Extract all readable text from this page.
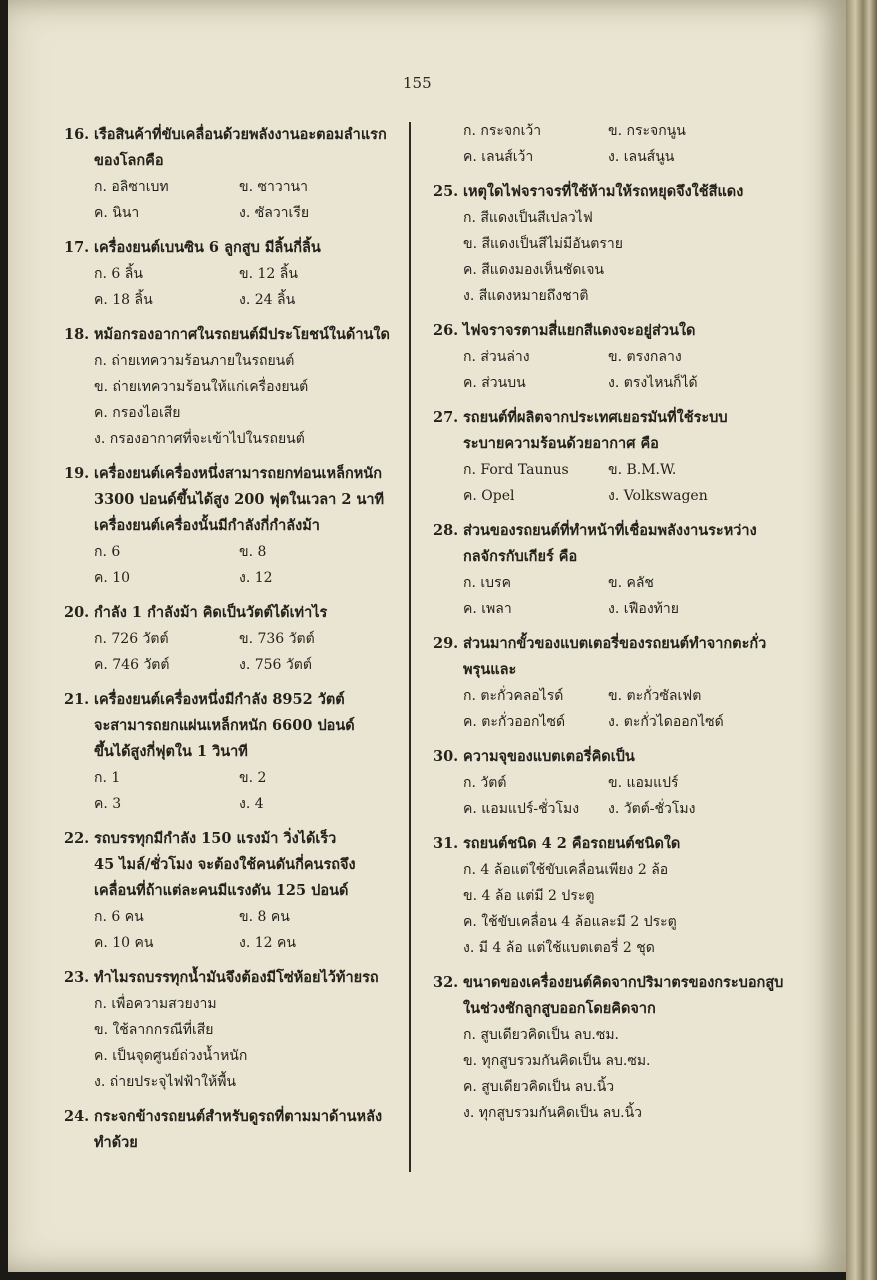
155
16. เรือสินค้าที่ขับเคลื่อนด้วยพลังงานอะตอมลำแรก
ของโลกคือ
ก. อลิซาเบท	ข. ซาวานา
ค. นินา	ง. ซัลวาเรีย
17. เครื่องยนต์เบนซิน 6 ลูกสูบ มีลิ้นกี่ลิ้น
ก. 6 ลิ้น	ข. 12 ลิ้น
ค. 18 ลิ้น	ง. 24 ลิ้น
18. หม้อกรองอากาศในรถยนต์มีประโยชน์ในด้านใด
ก. ถ่ายเทความร้อนภายในรถยนต์
ข. ถ่ายเทความร้อนให้แก่เครื่องยนต์
ค. กรองไอเสีย
ง. กรองอากาศที่จะเข้าไปในรถยนต์
19. เครื่องยนต์เครื่องหนึ่งสามารถยกท่อนเหล็กหนัก
3300 ปอนด์ขึ้นได้สูง 200 ฟุตในเวลา 2 นาที
เครื่องยนต์เครื่องนั้นมีกำลังกี่กำลังม้า
ก. 6	ข. 8
ค. 10	ง. 12
20. กำลัง 1 กำลังม้า คิดเป็นวัตต์ได้เท่าไร
ก. 726 วัตต์	ข. 736 วัตต์
ค. 746 วัตต์	ง. 756 วัตต์
21. เครื่องยนต์เครื่องหนึ่งมีกำลัง 8952 วัตต์
จะสามารถยกแผ่นเหล็กหนัก 6600 ปอนด์
ขึ้นได้สูงกี่ฟุตใน 1 วินาที
ก. 1	ข. 2
ค. 3	ง. 4
22. รถบรรทุกมีกำลัง 150 แรงม้า วิ่งได้เร็ว
45 ไมล์/ชั่วโมง จะต้องใช้คนดันกี่คนรถจึง
เคลื่อนที่ถ้าแต่ละคนมีแรงดัน 125 ปอนด์
ก. 6 คน	ข. 8 คน
ค. 10 คน	ง. 12 คน
23. ทำไมรถบรรทุกน้ำมันจึงต้องมีโซ่ห้อยไว้ท้ายรถ
ก. เพื่อความสวยงาม
ข. ใช้ลากกรณีที่เสีย
ค. เป็นจุดศูนย์ถ่วงน้ำหนัก
ง. ถ่ายประจุไฟฟ้าให้พื้น
24. กระจกข้างรถยนต์สำหรับดูรถที่ตามมาด้านหลัง
ทำด้วย
ก. กระจกเว้า	ข. กระจกนูน
ค. เลนส์เว้า	ง. เลนส์นูน
25. เหตุใดไฟจราจรที่ใช้ห้ามให้รถหยุดจึงใช้สีแดง
ก. สีแดงเป็นสีเปลวไฟ
ข. สีแดงเป็นสีไม่มีอันตราย
ค. สีแดงมองเห็นชัดเจน
ง. สีแดงหมายถึงชาติ
26. ไฟจราจรตามสี่แยกสีแดงจะอยู่ส่วนใด
ก. ส่วนล่าง	ข. ตรงกลาง
ค. ส่วนบน	ง. ตรงไหนก็ได้
27. รถยนต์ที่ผลิตจากประเทศเยอรมันที่ใช้ระบบ
ระบายความร้อนด้วยอากาศ คือ
ก. Ford Taunus	ข. B.M.W.
ค. Opel	ง. Volkswagen
28. ส่วนของรถยนต์ที่ทำหน้าที่เชื่อมพลังงานระหว่าง
กลจักรกับเกียร์ คือ
ก. เบรค	ข. คลัช
ค. เพลา	ง. เฟืองท้าย
29. ส่วนมากขั้วของแบตเตอรี่ของรถยนต์ทำจากตะกั่ว
พรุนและ
ก. ตะกั่วคลอไรด์	ข. ตะกั่วซัลเฟต
ค. ตะกั่วออกไซด์	ง. ตะกั่วไดออกไซด์
30. ความจุของแบตเตอรี่คิดเป็น
ก. วัตต์	ข. แอมแปร์
ค. แอมแปร์-ชั่วโมง	ง. วัตต์-ชั่วโมง
31. รถยนต์ชนิด 4 2 คือรถยนต์ชนิดใด
ก. 4 ล้อแต่ใช้ขับเคลื่อนเพียง 2 ล้อ
ข. 4 ล้อ แต่มี 2 ประตู
ค. ใช้ขับเคลื่อน 4 ล้อและมี 2 ประตู
ง. มี 4 ล้อ แต่ใช้แบตเตอรี่ 2 ชุด
32. ขนาดของเครื่องยนต์คิดจากปริมาตรของกระบอกสูบ
ในช่วงชักลูกสูบออกโดยคิดจาก
ก. สูบเดียวคิดเป็น ลบ.ซม.
ข. ทุกสูบรวมกันคิดเป็น ลบ.ซม.
ค. สูบเดียวคิดเป็น ลบ.นิ้ว
ง. ทุกสูบรวมกันคิดเป็น ลบ.นิ้ว
